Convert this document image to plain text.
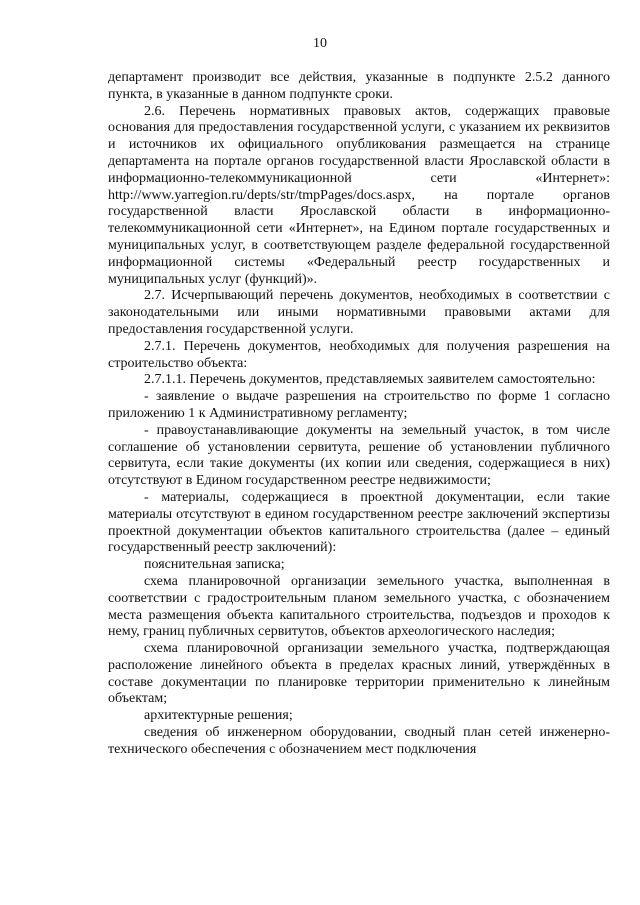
10

департамент производит все действия, указанные в подпункте 2.5.2 данного пункта, в указанные в данном подпункте сроки.

2.6. Перечень нормативных правовых актов, содержащих правовые основания для предоставления государственной услуги, с указанием их реквизитов и источников их официального опубликования размещается на странице департамента на портале органов государственной власти Ярославской области в информационно-телекоммуникационной сети «Интернет»: http://www.yarregion.ru/depts/str/tmpPages/docs.aspx, на портале органов государственной власти Ярославской области в информационно-телекоммуникационной сети «Интернет», на Едином портале государственных и муниципальных услуг, в соответствующем разделе федеральной государственной информационной системы «Федеральный реестр государственных и муниципальных услуг (функций)».

2.7. Исчерпывающий перечень документов, необходимых в соответствии с законодательными или иными нормативными правовыми актами для предоставления государственной услуги.

2.7.1. Перечень документов, необходимых для получения разрешения на строительство объекта:

2.7.1.1. Перечень документов, представляемых заявителем самостоятельно:

- заявление о выдаче разрешения на строительство по форме 1 согласно приложению 1 к Административному регламенту;

- правоустанавливающие документы на земельный участок, в том числе соглашение об установлении сервитута, решение об установлении публичного сервитута, если такие документы (их копии или сведения, содержащиеся в них) отсутствуют в Едином государственном реестре недвижимости;

- материалы, содержащиеся в проектной документации, если такие материалы отсутствуют в едином государственном реестре заключений экспертизы проектной документации объектов капитального строительства (далее – единый государственный реестр заключений):

пояснительная записка;

схема планировочной организации земельного участка, выполненная в соответствии с градостроительным планом земельного участка, с обозначением места размещения объекта капитального строительства, подъездов и проходов к нему, границ публичных сервитутов, объектов археологического наследия;

схема планировочной организации земельного участка, подтверждающая расположение линейного объекта в пределах красных линий, утверждённых в составе документации по планировке территории применительно к линейным объектам;

архитектурные решения;

сведения об инженерном оборудовании, сводный план сетей инженерно-технического обеспечения с обозначением мест подключения
